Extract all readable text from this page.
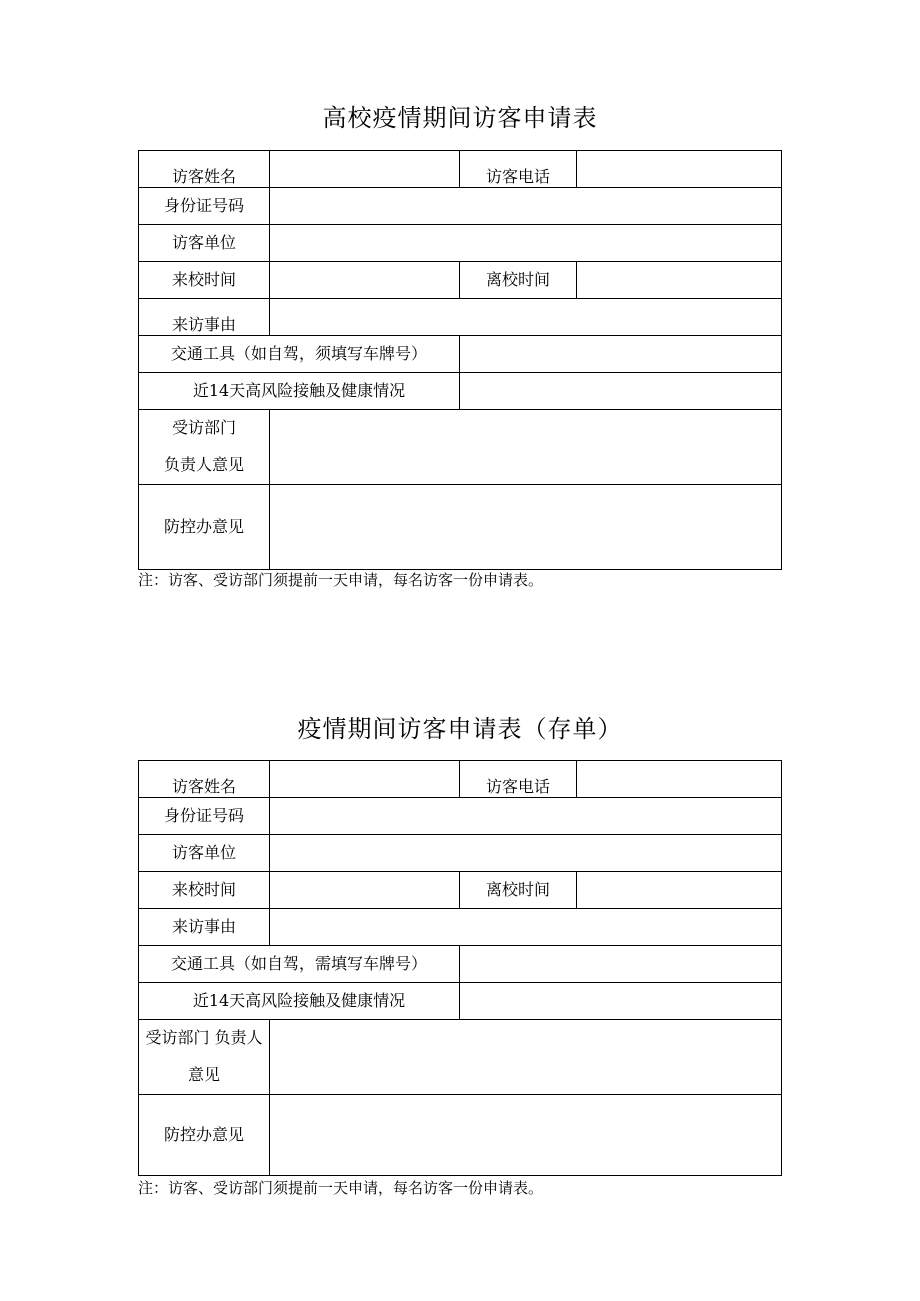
高校疫情期间访客申请表
访客姓名		访客电话	
身份证号码			
访客单位			
来校时间		离校时间	
来访事由			
交通工具（如自驾，须填写车牌号）			
近14天高风险接触及健康情况			

受访部门
负责人意见			

防控办意见			
注：访客、受访部门须提前一天申请，每名访客一份申请表。
疫情期间访客申请表（存单）
访客姓名		访客电话	
身份证号码			
访客单位			
来校时间		离校时间	
来访事由			
交通工具（如自驾，需填写车牌号）			
近14天高风险接触及健康情况			

受访部门 负责人
意见			

防控办意见			
注：访客、受访部门须提前一天申请，每名访客一份申请表。
